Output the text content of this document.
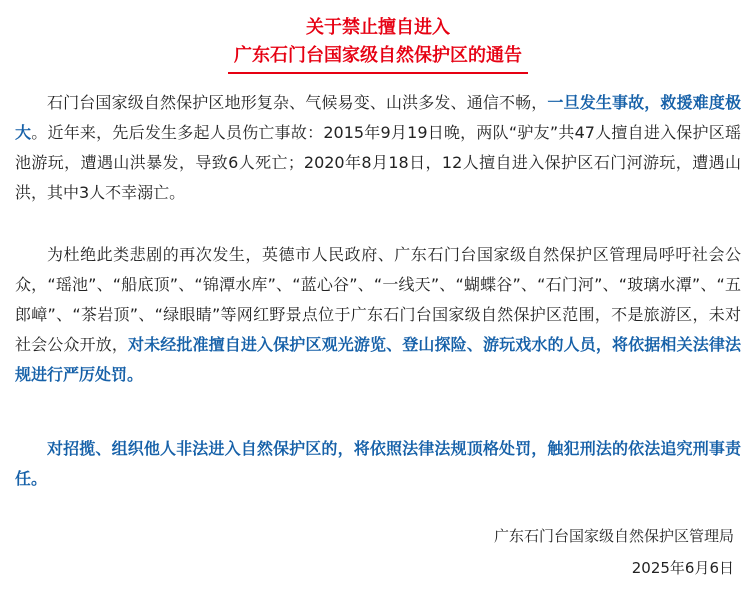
关于禁止擅自进入
广东石门台国家级自然保护区的通告
石门台国家级自然保护区地形复杂、气候易变、山洪多发、通信不畅，一旦发生事故，救援难度极大。近年来，先后发生多起人员伤亡事故：2015年9月19日晚，两队“驴友”共47人擅自进入保护区瑶池游玩，遭遇山洪暴发，导致6人死亡；2020年8月18日，12人擅自进入保护区石门河游玩，遭遇山洪，其中3人不幸溺亡。
为杜绝此类悲剧的再次发生，英德市人民政府、广东石门台国家级自然保护区管理局呼吁社会公众，“瑶池”、“船底顶”、“锦潭水库”、“蓝心谷”、“一线天”、“蝴蝶谷”、“石门河”、“玻璃水潭”、“五郎嶂”、“茶岩顶”、“绿眼睛”等网红野景点位于广东石门台国家级自然保护区范围，不是旅游区，未对社会公众开放，对未经批准擅自进入保护区观光游览、登山探险、游玩戏水的人员，将依据相关法律法规进行严厉处罚。
对招揽、组织他人非法进入自然保护区的，将依照法律法规顶格处罚，触犯刑法的依法追究刑事责任。
广东石门台国家级自然保护区管理局
2025年6月6日
